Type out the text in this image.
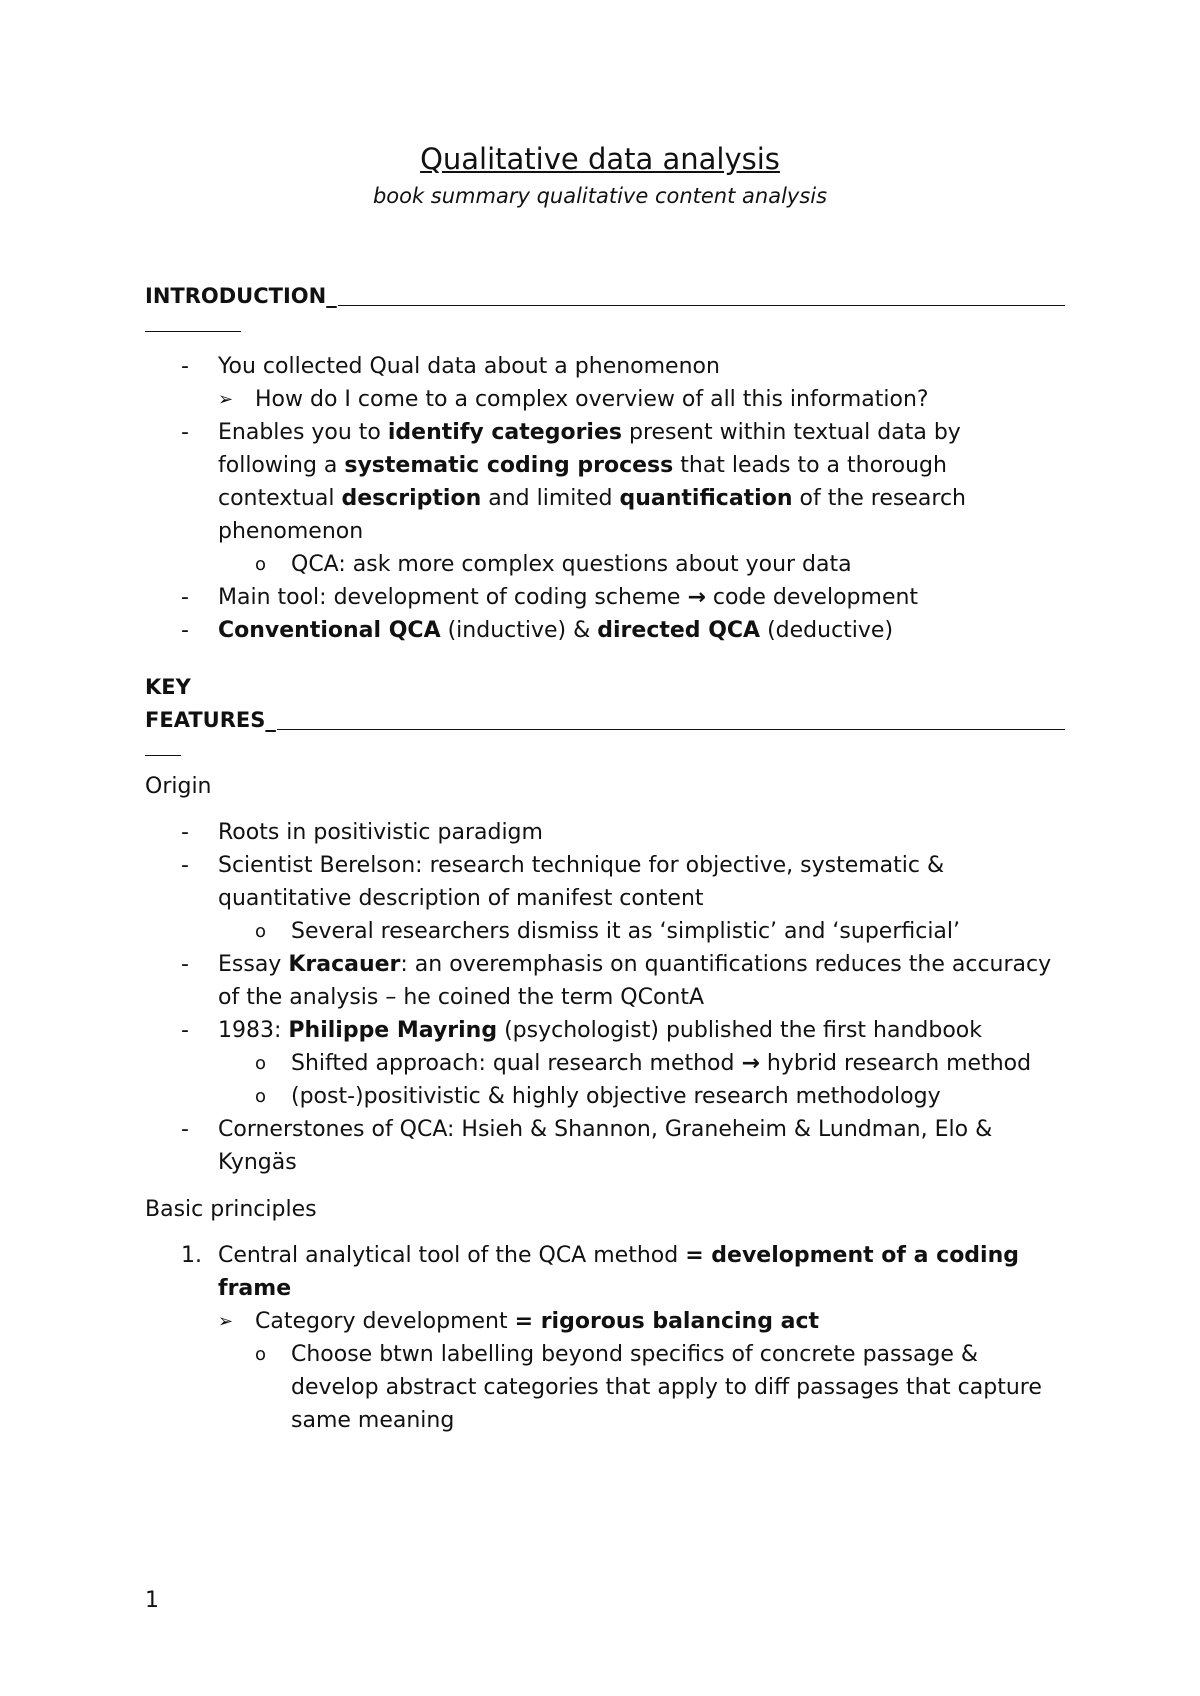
Qualitative data analysis
book summary qualitative content analysis
INTRODUCTION_
- You collected Qual data about a phenomenon
➢ How do I come to a complex overview of all this information?
- Enables you to identify categories present within textual data by following a systematic coding process that leads to a thorough contextual description and limited quantification of the research phenomenon
o QCA: ask more complex questions about your data
- Main tool: development of coding scheme → code development
- Conventional QCA (inductive) & directed QCA (deductive)
KEY
FEATURES_
Origin
- Roots in positivistic paradigm
- Scientist Berelson: research technique for objective, systematic & quantitative description of manifest content
o Several researchers dismiss it as ‘simplistic’ and ‘superficial’
- Essay Kracauer: an overemphasis on quantifications reduces the accuracy of the analysis – he coined the term QContA
- 1983: Philippe Mayring (psychologist) published the first handbook
o Shifted approach: qual research method → hybrid research method
o (post-)positivistic & highly objective research methodology
- Cornerstones of QCA: Hsieh & Shannon, Graneheim & Lundman, Elo & Kyngäs
Basic principles
1. Central analytical tool of the QCA method = development of a coding frame
➢ Category development = rigorous balancing act
o Choose btwn labelling beyond specifics of concrete passage & develop abstract categories that apply to diff passages that capture same meaning
1
